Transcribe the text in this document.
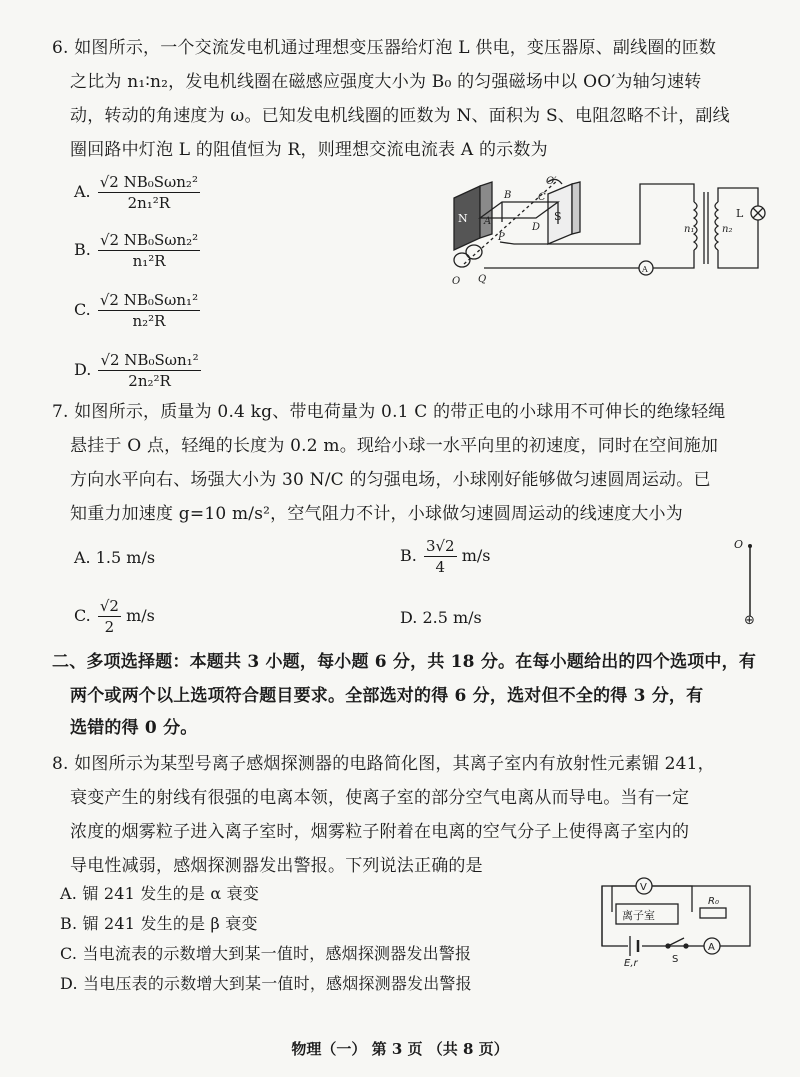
6. 如图所示，一个交流发电机通过理想变压器给灯泡 L 供电，变压器原、副线圈的匝数
之比为 n₁∶n₂，发电机线圈在磁感应强度大小为 B₀ 的匀强磁场中以 OO′为轴匀速转
动，转动的角速度为 ω。已知发电机线圈的匝数为 N、面积为 S、电阻忽略不计，副线
圈回路中灯泡 L 的阻值恒为 R，则理想交流电流表 A 的示数为
A. $\frac{\text{√2 NB₀Sωn₂²}}{\text{2n₁²R}}$
B. $\frac{\text{√2 NB₀Sωn₂²}}{\text{n₁²R}}$
C. $\frac{\text{√2 NB₀Sωn₁²}}{\text{n₂²R}}$
D. $\frac{\text{√2 NB₀Sωn₁²}}{\text{2n₂²R}}$
N A
B	C
D
O
O′
P
Q
n₁	n₂
S
A
L
7. 如图所示，质量为 0.4 kg、带电荷量为 0.1 C 的带正电的小球用不可伸长的绝缘轻绳
悬挂于 O 点，轻绳的长度为 0.2 m。现给小球一水平向里的初速度，同时在空间施加
方向水平向右、场强大小为 30 N/C 的匀强电场，小球刚好能够做匀速圆周运动。已
知重力加速度 g=10 m/s²，空气阻力不计，小球做匀速圆周运动的线速度大小为
A. 1.5 m/s	B. $\frac{3√2}{4} m/s$
C. $\frac{√2}{2} m/s$	D. 2.5 m/s
O
⊕
二、多项选择题：本题共 3 小题，每小题 6 分，共 18 分。在每小题给出的四个选项中，有
两个或两个以上选项符合题目要求。全部选对的得 6 分，选对但不全的得 3 分，有
选错的得 0 分。
8. 如图所示为某型号离子感烟探测器的电路简化图，其离子室内有放射性元素镅 241，
衰变产生的射线有很强的电离本领，使离子室的部分空气电离从而导电。当有一定
浓度的烟雾粒子进入离子室时，烟雾粒子附着在电离的空气分子上使得离子室内的
导电性减弱，感烟探测器发出警报。下列说法正确的是
A. 镅 241 发生的是 α 衰变
B. 镅 241 发生的是 β 衰变
C. 当电流表的示数增大到某一值时，感烟探测器发出警报
D. 当电压表的示数增大到某一值时，感烟探测器发出警报
V
离子室
R₀
A
S
E,r
物理（一） 第 3 页 （共 8 页）
